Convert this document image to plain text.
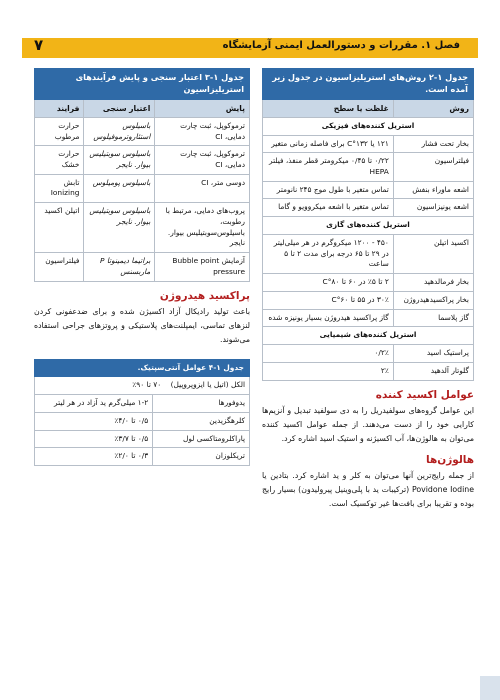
٧	فصل ۱. مقررات و دستورالعمل ایمنی آزمایشگاه
جدول ۱-۲ روش‌های استریلیزاسیون در جدول زیر آمده است.	
روش	غلظت یا سطح
استریل کننده‌های فیزیکی	
بخار تحت فشار	۱۲۱ یا ۱۳۲°C برای فاصله زمانی متغیر
فیلتراسیون	۰/۲۲ تا ۰/۴۵ میکرومتر قطر منفذ، فیلتر HEPA
اشعه ماوراء بنفش	تماس متغیر با طول موج ۲۴۵ نانومتر
اشعه یونیزاسیون	تماس متغیر با اشعه میکروویو و گاما
استریل کننده‌های گازی	
اکسید اتیلن	۴۵۰ - ۱۲۰۰ میکروگرم در هر میلی‌لیتر در ۲۹ تا ۶۵ درجه برای مدت ۲ تا ۵ ساعت
بخار فرمالدهید	۲ تا ۵٪ در ۶۰ تا ۸۰°C
بخار پراکسیدهیدروژن	۳۰٪ در ۵۵ تا ۶۰°C
گاز پلاسما	گاز پراکسید هیدروژن بسیار یونیزه شده
استریل کننده‌های شیمیایی	
پراستیک اسید	۰/۲٪
گلوتار آلدهید	۲٪
عوامل اکسید کننده
این عوامل گروه‌های سولفیدریل را به دی سولفید تبدیل و آنزیم‌ها کارایی خود را از دست می‌دهند. از جمله عوامل اکسید کننده می‌توان به هالوژن‌ها، آب اکسیژنه و استیک اسید اشاره کرد.
هالوژن‌ها
از جمله رایج‌ترین آنها می‌توان به کلر و ید اشاره کرد. بتادین یا Povidone Iodine (ترکیبات ید با پلی‌وینیل پیرولیدون) بسیار رایج بوده و تقریبا برای بافت‌ها غیر توکسیک است.
جدول ۱-۳ اعتبار سنجی و پایش فرآیندهای استریلیزاسیون		
پایش	اعتبار سنجی	فرایند
ترموکوپل، ثبت چارت دمایی، CI	باسیلوس استئاروترموفیلوس	حرارت مرطوب
ترموکوپل، ثبت چارت دمایی، CI	باسیلوس سوبتیلیس بیوار. نایجر	حرارت خشک
دوسی متر، CI	باسیلوس پومیلوس	تابش Ionizing
پروب‌های دمایی، مرتبط با رطوبت، باسیلوس‌سوبتیلیس بیوار. نایجر	باسیلوس سوبتیلیس بیوار. نایجر	اتیلن اکسید
آزمایش Bubble point pressure	براتیما دیمینوتا P ماربسنس	فیلتراسیون
پراکسید هیدروژن
باعث تولید رادیکال آزاد اکسیژن شده و برای ضدعفونی کردن لنزهای تماسی، ایمپلنت‌های پلاستیکی و پروتزهای جراحی استفاده می‌شوند.
جدول ۱-۴ عوامل آنتی‌سپتیک.	
الکل (اتیل یا ایزوپروپیل)    ۷۰ تا ۹۰٪	
یدوفورها	۱-۲ میلی‌گرم ید آزاد در هر لیتر
کلرهگزیدین	۰/۵ تا ۴/۰٪
پاراکلرومتاکسی لول	۰/۵ تا ۳/۷٪
تریکلوزان	۰/۳ تا ۲/۰٪
